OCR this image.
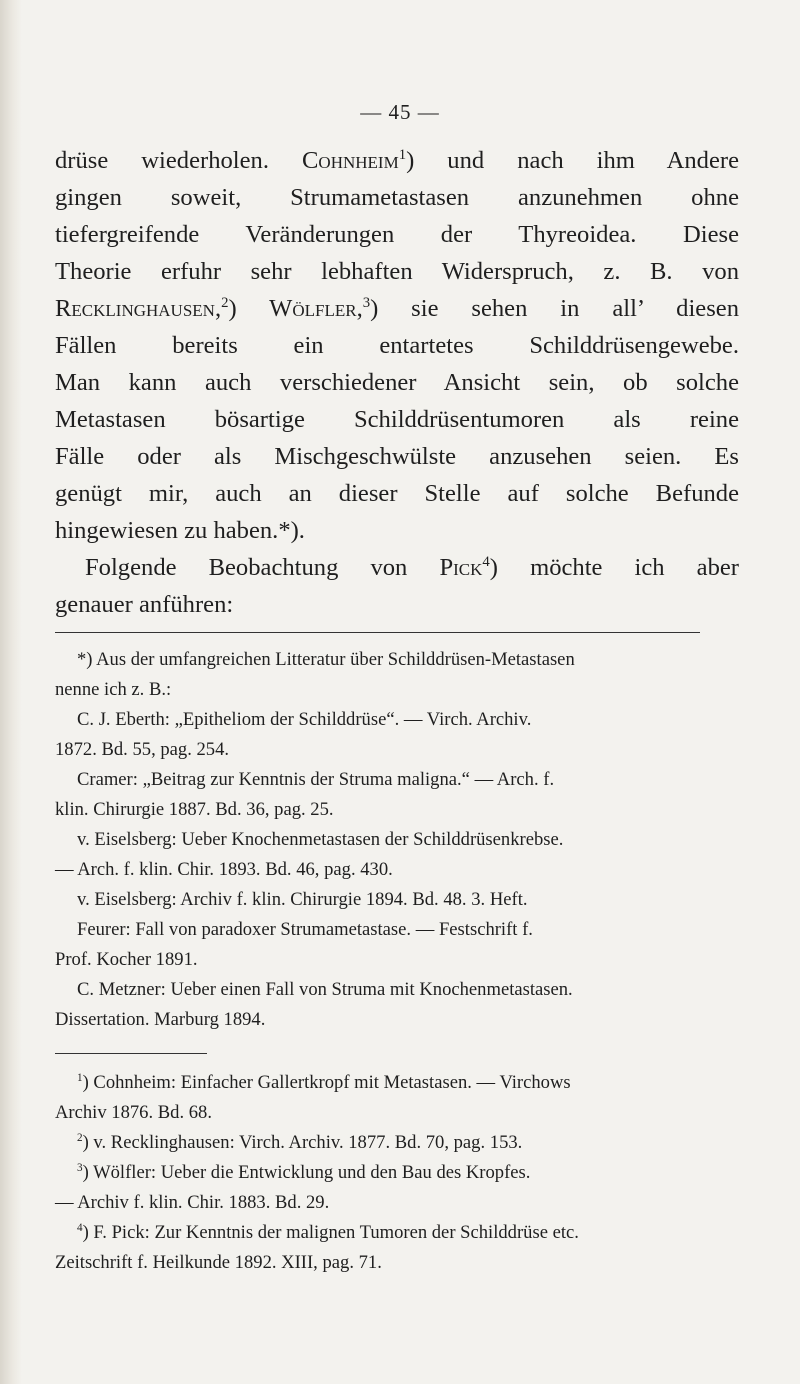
— 45 —
drüse wiederholen. Cohnheim$^1$) und nach ihm Andere
gingen soweit, Strumametastasen anzunehmen ohne
tiefergreifende Veränderungen der Thyreoidea. Diese
Theorie erfuhr sehr lebhaften Widerspruch, z. B. von
Recklinghausen,$^2$) Wölfler,$^3$) sie sehen in all’ diesen
Fällen bereits ein entartetes Schilddrüsengewebe.
Man kann auch verschiedener Ansicht sein, ob solche
Metastasen bösartige Schilddrüsentumoren als reine
Fälle oder als Mischgeschwülste anzusehen seien. Es
genügt mir, auch an dieser Stelle auf solche Befunde
hingewiesen zu haben.*).
Folgende Beobachtung von Pick$^4$) möchte ich aber
genauer anführen:
*) Aus der umfangreichen Litteratur über Schilddrüsen-Metastasen
nenne ich z. B.:
C. J. Eberth: „Epitheliom der Schilddrüse“. — Virch. Archiv.
1872. Bd. 55, pag. 254.
Cramer: „Beitrag zur Kenntnis der Struma maligna.“ — Arch. f.
klin. Chirurgie 1887. Bd. 36, pag. 25.
v. Eiselsberg: Ueber Knochenmetastasen der Schilddrüsenkrebse.
— Arch. f. klin. Chir. 1893. Bd. 46, pag. 430.
v. Eiselsberg: Archiv f. klin. Chirurgie 1894. Bd. 48. 3. Heft.
Feurer: Fall von paradoxer Strumametastase. — Festschrift f.
Prof. Kocher 1891.
C. Metzner: Ueber einen Fall von Struma mit Knochenmetastasen.
Dissertation. Marburg 1894.
$^1$) Cohnheim: Einfacher Gallertkropf mit Metastasen. — Virchows
Archiv 1876. Bd. 68.
$^2$) v. Recklinghausen: Virch. Archiv. 1877. Bd. 70, pag. 153.
$^3$) Wölfler: Ueber die Entwicklung und den Bau des Kropfes.
— Archiv f. klin. Chir. 1883. Bd. 29.
$^4$) F. Pick: Zur Kenntnis der malignen Tumoren der Schilddrüse etc.
Zeitschrift f. Heilkunde 1892. XIII, pag. 71.
